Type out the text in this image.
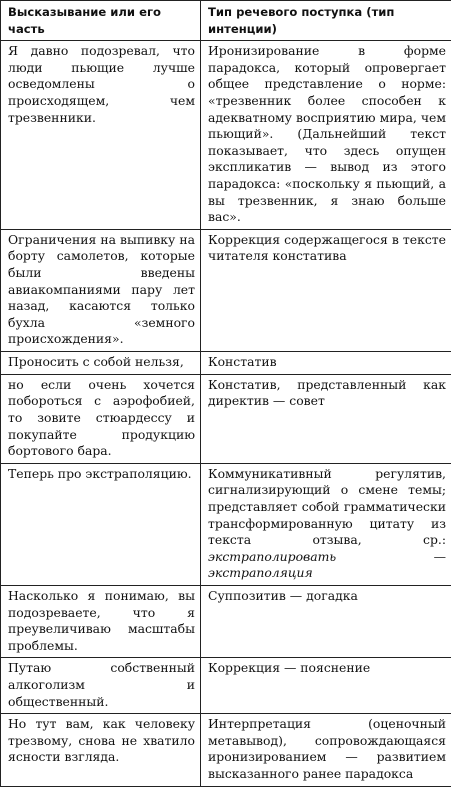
Высказывание или его часть	Тип речевого поступка (тип интенции)
Я давно подозревал, что люди пьющие лучше осведомлены о происходящем, чем трезвенники.	Иронизирование в форме парадокса, который опровергает общее представление о норме: «трезвенник более способен к адекватному восприятию мира, чем пьющий». (Дальнейший текст показывает, что здесь опущен экспликатив — вывод из этого парадокса: «поскольку я пьющий, а вы трезвенник, я знаю больше вас».
Ограничения на выпивку на борту самолетов, которые были введены авиакомпаниями пару лет назад, касаются только бухла «земного происхождения».	Коррекция содержащегося в тексте читателя констатива
Проносить с собой нельзя,	Констатив
но если очень хочется побороться с аэрофобией, то зовите стюардессу и покупайте продукцию бортового бара.	Констатив, представленный как директив — совет
Теперь про экстраполяцию.	Коммуникативный регулятив, сигнализирующий о смене темы; представляет собой грамматически трансформированную цитату из текста отзыва, ср.: экстраполировать — экстраполяция
Насколько я понимаю, вы подозреваете, что я преувеличиваю масштабы проблемы.	Суппозитив — догадка
Путаю собственный алкоголизм и общественный.	Коррекция — пояснение
Но тут вам, как человеку трезвому, снова не хватило ясности взгляда.	Интерпретация (оценочный метавывод), сопровождающаяся иронизированием — развитием высказанного ранее парадокса
